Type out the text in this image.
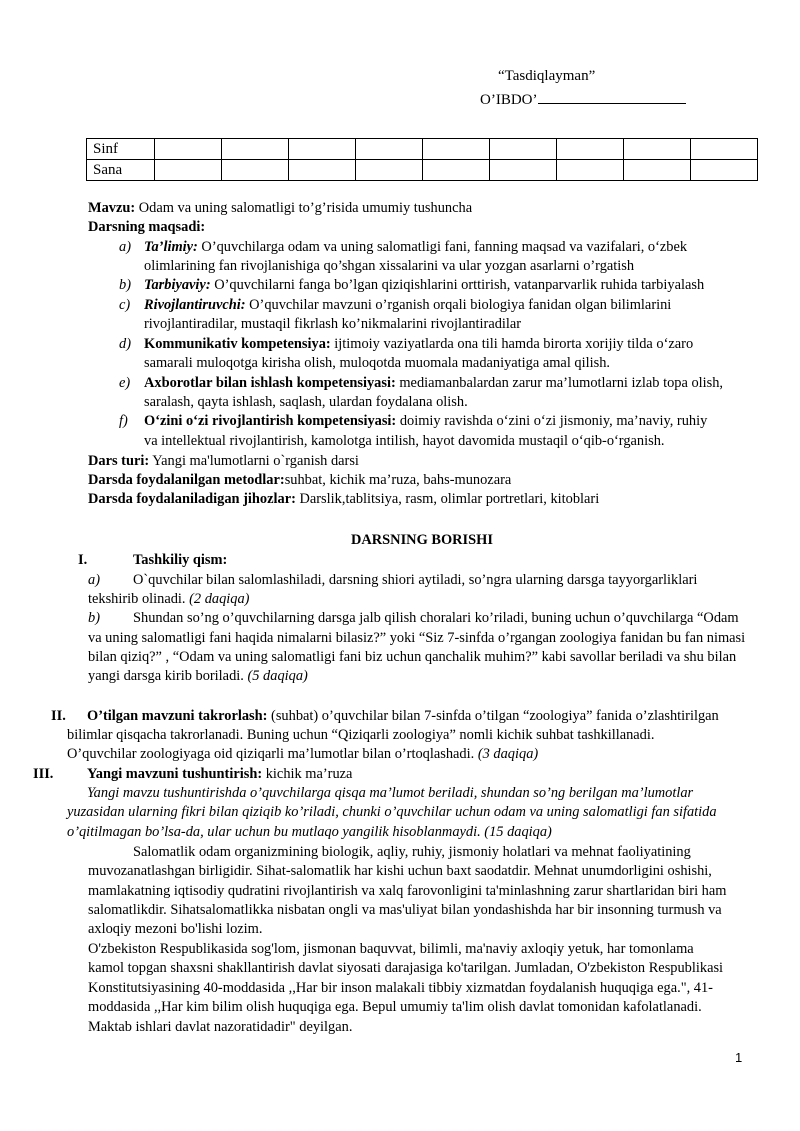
“Tasdiqlayman”
O’IBDO’
Sinf									
Sana									
Mavzu: Odam va uning salomatligi to’g’risida umumiy tushuncha
Darsning maqsadi:
a) Ta’limiy: O’quvchilarga odam va uning salomatligi fani, fanning maqsad va vazifalari, o‘zbek
olimlarining fan rivojlanishiga qo’shgan xissalarini va ular yozgan asarlarni o’rgatish
b) Tarbiyaviy: O’quvchilarni fanga bo’lgan qiziqishlarini orttirish, vatanparvarlik ruhida tarbiyalash
c) Rivojlantiruvchi: O’quvchilar mavzuni o’rganish orqali biologiya fanidan olgan bilimlarini
rivojlantiradilar, mustaqil fikrlash ko’nikmalarini rivojlantiradilar
d) Kommunikativ kompetensiya: ijtimoiy vaziyatlarda ona tili hamda birorta xorijiy tilda o‘zaro
samarali muloqotga kirisha olish, muloqotda muomala madaniyatiga amal qilish.
e) Axborotlar bilan ishlash kompetensiyasi: mediamanbalardan zarur ma’lumotlarni izlab topa olish,
saralash, qayta ishlash, saqlash, ulardan foydalana olish.
f) O‘zini o‘zi rivojlantirish kompetensiyasi: doimiy ravishda o‘zini o‘zi jismoniy, ma’naviy, ruhiy
va intellektual rivojlantirish, kamolotga intilish, hayot davomida mustaqil o‘qib-o‘rganish.
Dars turi: Yangi ma'lumotlarni o`rganish darsi
Darsda foydalanilgan metodlar:suhbat, kichik ma’ruza, bahs-munozara
Darsda foydalaniladigan jihozlar: Darslik,tablitsiya, rasm, olimlar portretlari, kitoblari
DARSNING BORISHI
I.	Tashkiliy qism:
a) O`quvchilar bilan salomlashiladi, darsning shiori aytiladi, so’ngra ularning darsga tayyorgarliklari
tekshirib olinadi. (2 daqiqa)
b) Shundan so’ng o’quvchilarning darsga jalb qilish choralari ko’riladi, buning uchun o’quvchilarga “Odam
va uning salomatligi fani haqida nimalarni bilasiz?” yoki “Siz 7-sinfda o’rgangan zoologiya fanidan bu fan nimasi
bilan qiziq?” , “Odam va uning salomatligi fani biz uchun qanchalik muhim?” kabi savollar beriladi va shu bilan
yangi darsga kirib boriladi. (5 daqiqa)
II. O’tilgan mavzuni takrorlash: (suhbat) o’quvchilar bilan 7-sinfda o’tilgan “zoologiya” fanida o’zlashtirilgan
bilimlar qisqacha takrorlanadi. Buning uchun “Qiziqarli zoologiya” nomli kichik suhbat tashkillanadi.
O’quvchilar zoologiyaga oid qiziqarli ma’lumotlar bilan o’rtoqlashadi. (3 daqiqa)
III. Yangi mavzuni tushuntirish: kichik ma’ruza
Yangi mavzu tushuntirishda o’quvchilarga qisqa ma’lumot beriladi, shundan so’ng berilgan ma’lumotlar
yuzasidan ularning fikri bilan qiziqib ko’riladi, chunki o’quvchilar uchun odam va uning salomatligi fan sifatida
o’qitilmagan bo’lsa-da, ular uchun bu mutlaqo yangilik hisoblanmaydi. (15 daqiqa)
Salomatlik odam organizmining biologik, aqliy, ruhiy, jismoniy holatlari va mehnat faoliyatining
muvozanatlashgan birligidir. Sihat-salomatlik har kishi uchun baxt saodatdir. Mehnat unumdorligini oshishi,
mamlakatning iqtisodiy qudratini rivojlantirish va xalq farovonligini ta'minlashning zarur shartlaridan biri ham
salomatlikdir. Sihatsalomatlikka nisbatan ongli va mas'uliyat bilan yondashishda har bir insonning turmush va
axloqiy mezoni bo'lishi lozim.
O'zbekiston Respublikasida sog'lom, jismonan baquvvat, bilimli, ma'naviy axloqiy yetuk, har tomonlama
kamol topgan shaxsni shakllantirish davlat siyosati darajasiga ko'tarilgan. Jumladan, O'zbekiston Respublikasi
Konstitutsiyasining 40-moddasida ,,Har bir inson malakali tibbiy xizmatdan foydalanish huquqiga ega.", 41-
moddasida ,,Har kim bilim olish huquqiga ega. Bepul umumiy ta'lim olish davlat tomonidan kafolatlanadi.
Maktab ishlari davlat nazoratidadir" deyilgan.
1
